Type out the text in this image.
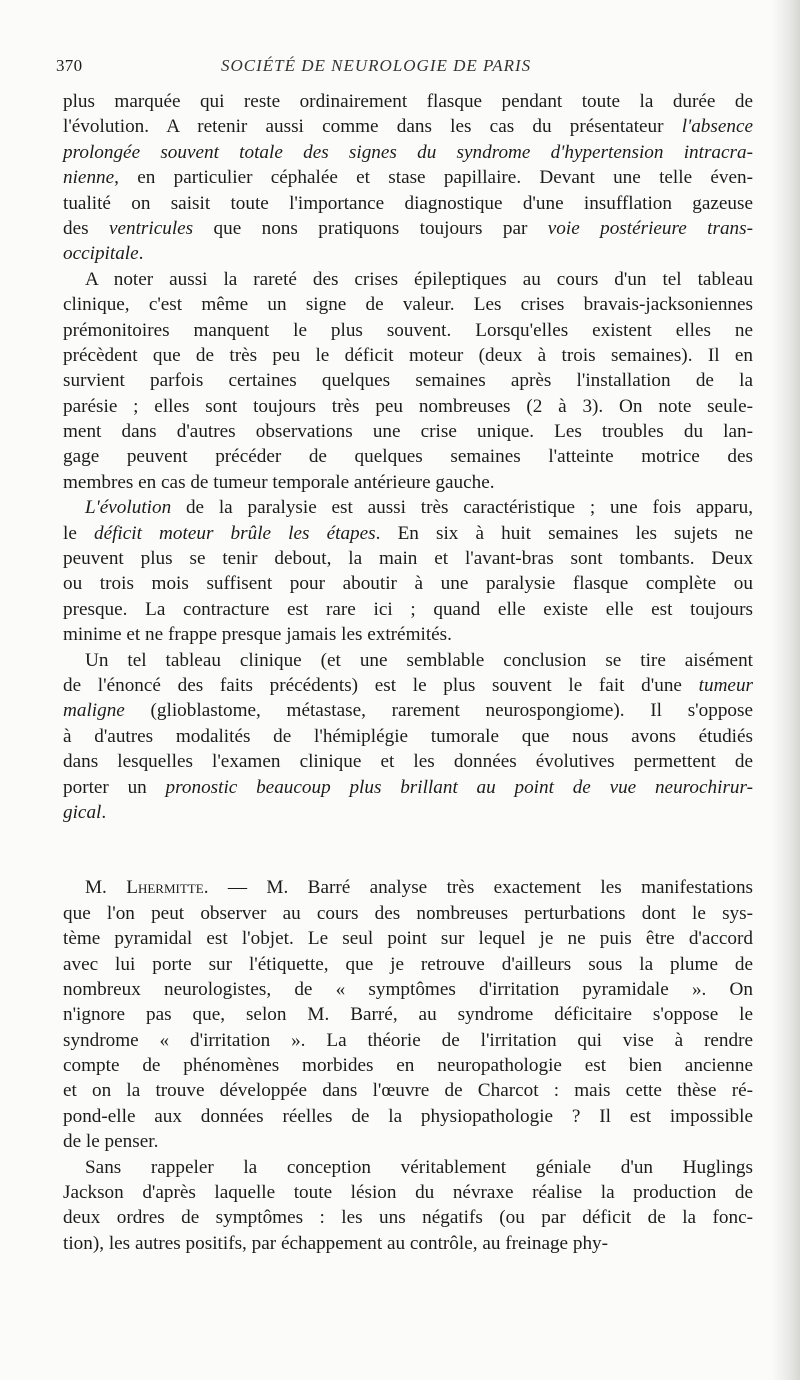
370	SOCIÉTÉ DE NEUROLOGIE DE PARIS
plus marquée qui reste ordinairement flasque pendant toute la durée de
l'évolution. A retenir aussi comme dans les cas du présentateur l'absence
prolongée souvent totale des signes du syndrome d'hypertension intracra-
nienne, en particulier céphalée et stase papillaire. Devant une telle éven-
tualité on saisit toute l'importance diagnostique d'une insufflation gazeuse
des ventricules que nons pratiquons toujours par voie postérieure trans-
occipitale.
A noter aussi la rareté des crises épileptiques au cours d'un tel tableau
clinique, c'est même un signe de valeur. Les crises bravais-jacksoniennes
prémonitoires manquent le plus souvent. Lorsqu'elles existent elles ne
précèdent que de très peu le déficit moteur (deux à trois semaines). Il en
survient parfois certaines quelques semaines après l'installation de la
parésie ; elles sont toujours très peu nombreuses (2 à 3). On note seule-
ment dans d'autres observations une crise unique. Les troubles du lan-
gage peuvent précéder de quelques semaines l'atteinte motrice des
membres en cas de tumeur temporale antérieure gauche.
L'évolution de la paralysie est aussi très caractéristique ; une fois apparu,
le déficit moteur brûle les étapes. En six à huit semaines les sujets ne
peuvent plus se tenir debout, la main et l'avant-bras sont tombants. Deux
ou trois mois suffisent pour aboutir à une paralysie flasque complète ou
presque. La contracture est rare ici ; quand elle existe elle est toujours
minime et ne frappe presque jamais les extrémités.
Un tel tableau clinique (et une semblable conclusion se tire aisément
de l'énoncé des faits précédents) est le plus souvent le fait d'une tumeur
maligne (glioblastome, métastase, rarement neurospongiome). Il s'oppose
à d'autres modalités de l'hémiplégie tumorale que nous avons étudiés
dans lesquelles l'examen clinique et les données évolutives permettent de
porter un pronostic beaucoup plus brillant au point de vue neurochirur-
gical.
M. Lhermitte. — M. Barré analyse très exactement les manifestations
que l'on peut observer au cours des nombreuses perturbations dont le sys-
tème pyramidal est l'objet. Le seul point sur lequel je ne puis être d'accord
avec lui porte sur l'étiquette, que je retrouve d'ailleurs sous la plume de
nombreux neurologistes, de « symptômes d'irritation pyramidale ». On
n'ignore pas que, selon M. Barré, au syndrome déficitaire s'oppose le
syndrome « d'irritation ». La théorie de l'irritation qui vise à rendre
compte de phénomènes morbides en neuropathologie est bien ancienne
et on la trouve développée dans l'œuvre de Charcot : mais cette thèse ré-
pond-elle aux données réelles de la physiopathologie ? Il est impossible
de le penser.
Sans rappeler la conception véritablement géniale d'un Huglings
Jackson d'après laquelle toute lésion du névraxe réalise la production de
deux ordres de symptômes : les uns négatifs (ou par déficit de la fonc-
tion), les autres positifs, par échappement au contrôle, au freinage phy-
